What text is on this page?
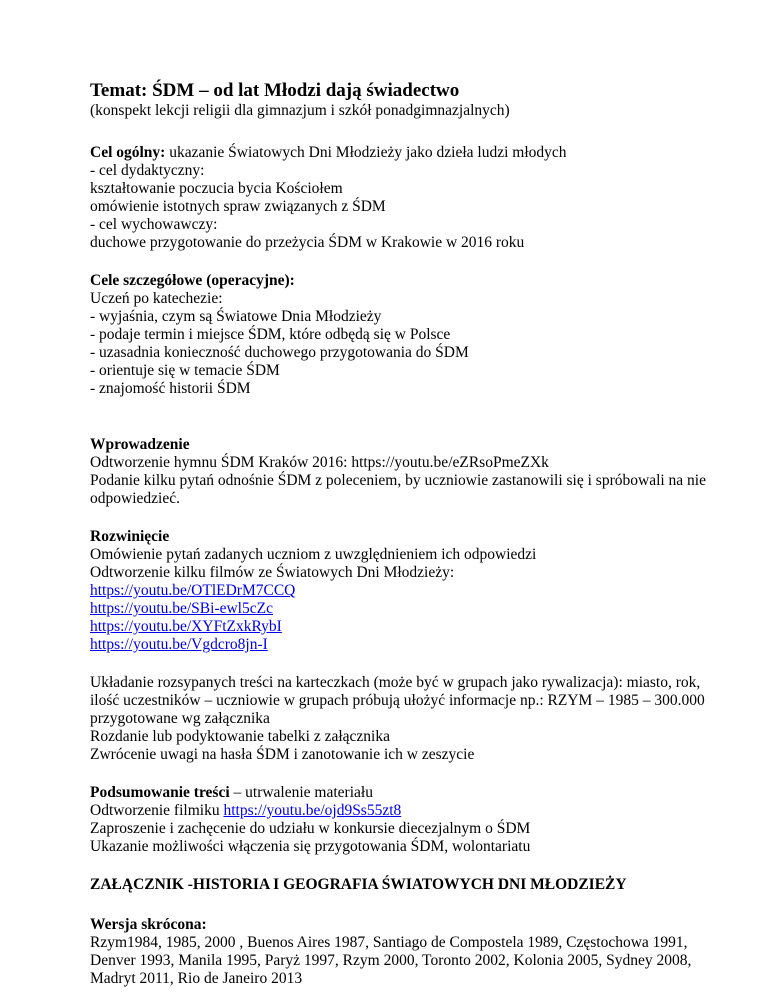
Temat: ŚDM – od lat Młodzi dają świadectwo

(konspekt lekcji religii dla gimnazjum i szkół ponadgimnazjalnych)

Cel ogólny: ukazanie Światowych Dni Młodzieży jako dzieła ludzi młodych
- cel dydaktyczny:
kształtowanie poczucia bycia Kościołem
omówienie istotnych spraw związanych z ŚDM
- cel wychowawczy:
duchowe przygotowanie do przeżycia ŚDM w Krakowie w 2016 roku
Cele szczegółowe (operacyjne):
Uczeń po katechezie:
- wyjaśnia, czym są Światowe Dnia Młodzieży
- podaje termin i miejsce ŚDM, które odbędą się w Polsce
- uzasadnia konieczność duchowego przygotowania do ŚDM
- orientuje się w temacie ŚDM
- znajomość historii ŚDM
Wprowadzenie
Odtworzenie hymnu ŚDM Kraków 2016: https://youtu.be/eZRsoPmeZXk
Podanie kilku pytań odnośnie ŚDM z poleceniem, by uczniowie zastanowili się i spróbowali na nie odpowiedzieć.
Rozwinięcie
Omówienie pytań zadanych uczniom z uwzględnieniem ich odpowiedzi
Odtworzenie kilku filmów ze Światowych Dni Młodzieży:
https://youtu.be/OTlEDrM7CCQ
https://youtu.be/SBi-ewl5cZc
https://youtu.be/XYFtZxkRybI
https://youtu.be/Vgdcro8jn-I
Układanie rozsypanych treści na karteczkach (może być w grupach jako rywalizacja): miasto, rok, ilość uczestników – uczniowie w grupach próbują ułożyć informacje np.: RZYM – 1985 – 300.000 przygotowane wg załącznika
Rozdanie lub podyktowanie tabelki z załącznika
Zwrócenie uwagi na hasła ŚDM i zanotowanie ich w zeszycie
Podsumowanie treści – utrwalenie materiału
Odtworzenie filmiku https://youtu.be/ojd9Ss55zt8
Zaproszenie i zachęcenie do udziału w konkursie diecezjalnym o ŚDM
Ukazanie możliwości włączenia się przygotowania ŚDM, wolontariatu

ZAŁĄCZNIK -HISTORIA I GEOGRAFIA ŚWIATOWYCH DNI MŁODZIEŻY

Wersja skrócona:
Rzym1984, 1985, 2000 , Buenos Aires 1987, Santiago de Compostela 1989, Częstochowa 1991, Denver 1993, Manila 1995, Paryż 1997, Rzym 2000, Toronto 2002, Kolonia 2005, Sydney 2008, Madryt 2011, Rio de Janeiro 2013
